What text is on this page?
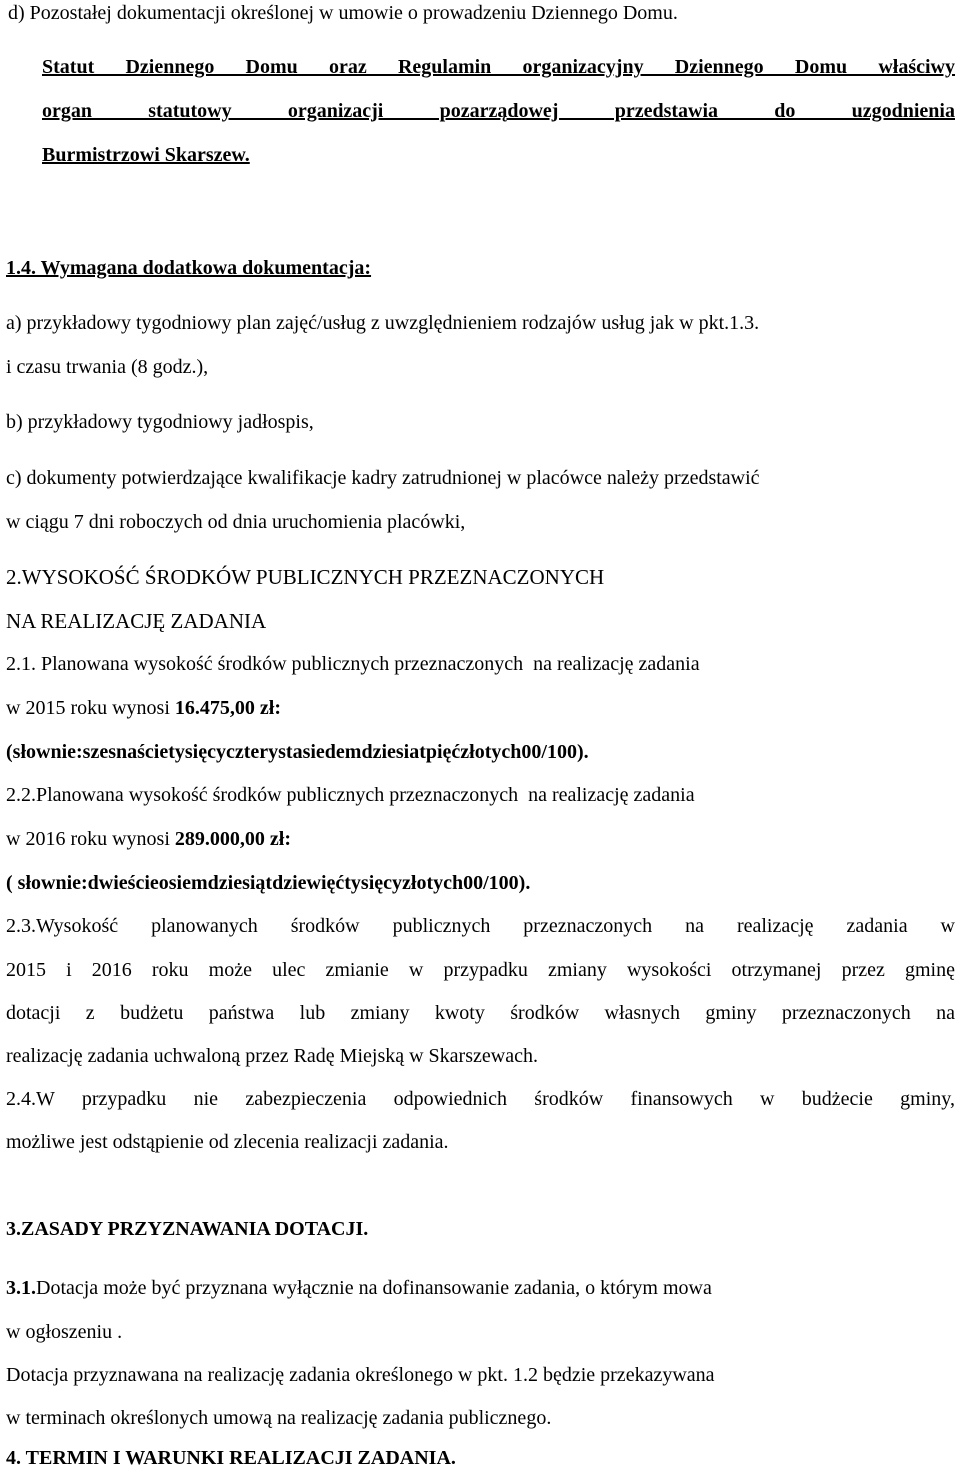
d) Pozostałej dokumentacji określonej w umowie o prowadzeniu Dziennego Domu.
Statut Dziennego Domu oraz Regulamin organizacyjny Dziennego Domu właściwy
organ statutowy organizacji pozarządowej przedstawia do uzgodnienia
Burmistrzowi Skarszew.
1.4. Wymagana dodatkowa dokumentacja:
a) przykładowy tygodniowy plan zajęć/usług z uwzględnieniem rodzajów usług jak w pkt.1.3.
i czasu trwania (8 godz.),
b) przykładowy tygodniowy jadłospis,
c) dokumenty potwierdzające kwalifikacje kadry zatrudnionej w placówce należy przedstawić
w ciągu 7 dni roboczych od dnia uruchomienia placówki,
2.WYSOKOŚĆ ŚRODKÓW PUBLICZNYCH PRZEZNACZONYCH
NA REALIZACJĘ ZADANIA
2.1. Planowana wysokość środków publicznych przeznaczonych  na realizację zadania
w 2015 roku wynosi 16.475,00 zł:
(słownie:szesnaścietysięcyczterystasiedemdziesiatpięćzłotych00/100).
2.2.Planowana wysokość środków publicznych przeznaczonych  na realizację zadania
w 2016 roku wynosi 289.000,00 zł:
( słownie:dwieścieosiemdziesiątdziewięćtysięcyzłotych00/100).
2.3.Wysokość planowanych środków publicznych przeznaczonych na realizację zadania w
2015 i 2016 roku może ulec zmianie w przypadku zmiany wysokości otrzymanej przez gminę
dotacji z budżetu państwa lub zmiany kwoty środków własnych gminy przeznaczonych na
realizację zadania uchwaloną przez Radę Miejską w Skarszewach.
2.4.W przypadku nie zabezpieczenia odpowiednich środków finansowych w budżecie gminy,
możliwe jest odstąpienie od zlecenia realizacji zadania.
3.ZASADY PRZYZNAWANIA DOTACJI.
3.1.Dotacja może być przyznana wyłącznie na dofinansowanie zadania, o którym mowa
w ogłoszeniu .
Dotacja przyznawana na realizację zadania określonego w pkt. 1.2 będzie przekazywana
w terminach określonych umową na realizację zadania publicznego.
4. TERMIN I WARUNKI REALIZACJI ZADANIA.
